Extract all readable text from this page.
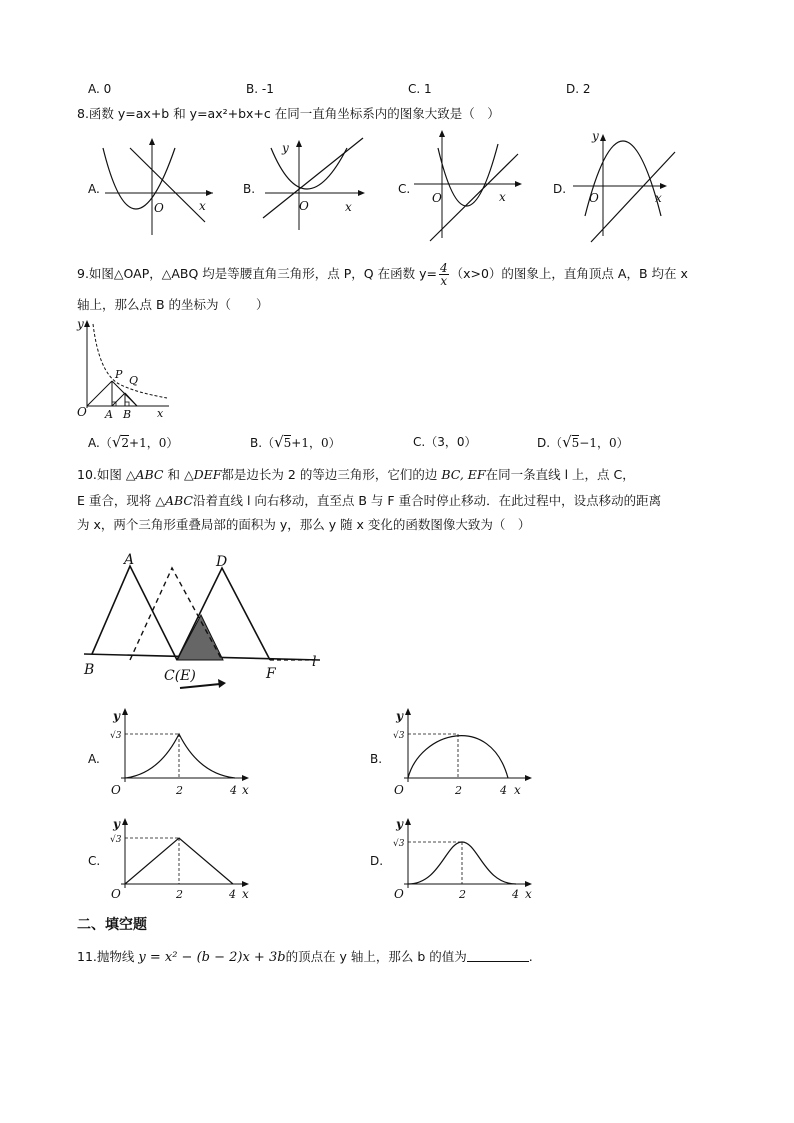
A. 0	B. -1	C. 1	D. 2
8.函数 y=ax+b 和 y=ax²+bx+c 在同一直角坐标系内的图象大致是（　）
A.
O	x
B.
y
O	x
C.
O	x
D.
y
O	x
9.如图△OAP，△ABQ 均是等腰直角三角形，点 P，Q 在函数 $y= \frac{4}{x} (x>0)$的图象上，直角顶点 A，B 均在 x
轴上，那么点 B 的坐标为（　　）
y
O A B
P Q
x
A.（√2+1，0）	B.（√5+1，0）	C.（3，0）	D.（√5−1，0）
10.如图 △ABC 和 △DEF都是边长为 2 的等边三角形，它们的边 BC, EF在同一条直线 l 上，点 C，
E 重合，现将 △ABC沿着直线 l 向右移动，直至点 B 与 F 重合时停止移动．在此过程中，设点移动的距离
为 x，两个三角形重叠局部的面积为 y，那么 y 随 x 变化的函数图像大致为（　）
A	D
B	C(E)	F
l
A.
y
√3
O	2	4 x
B.
y
√3
O	2	4 x
C.
y
√3
O	2	4 x
D.
y
√3
O	2	4 x
二、填空题
11.抛物线 y = x² − (b − 2)x + 3b的顶点在 y 轴上，那么 b 的值为	.
